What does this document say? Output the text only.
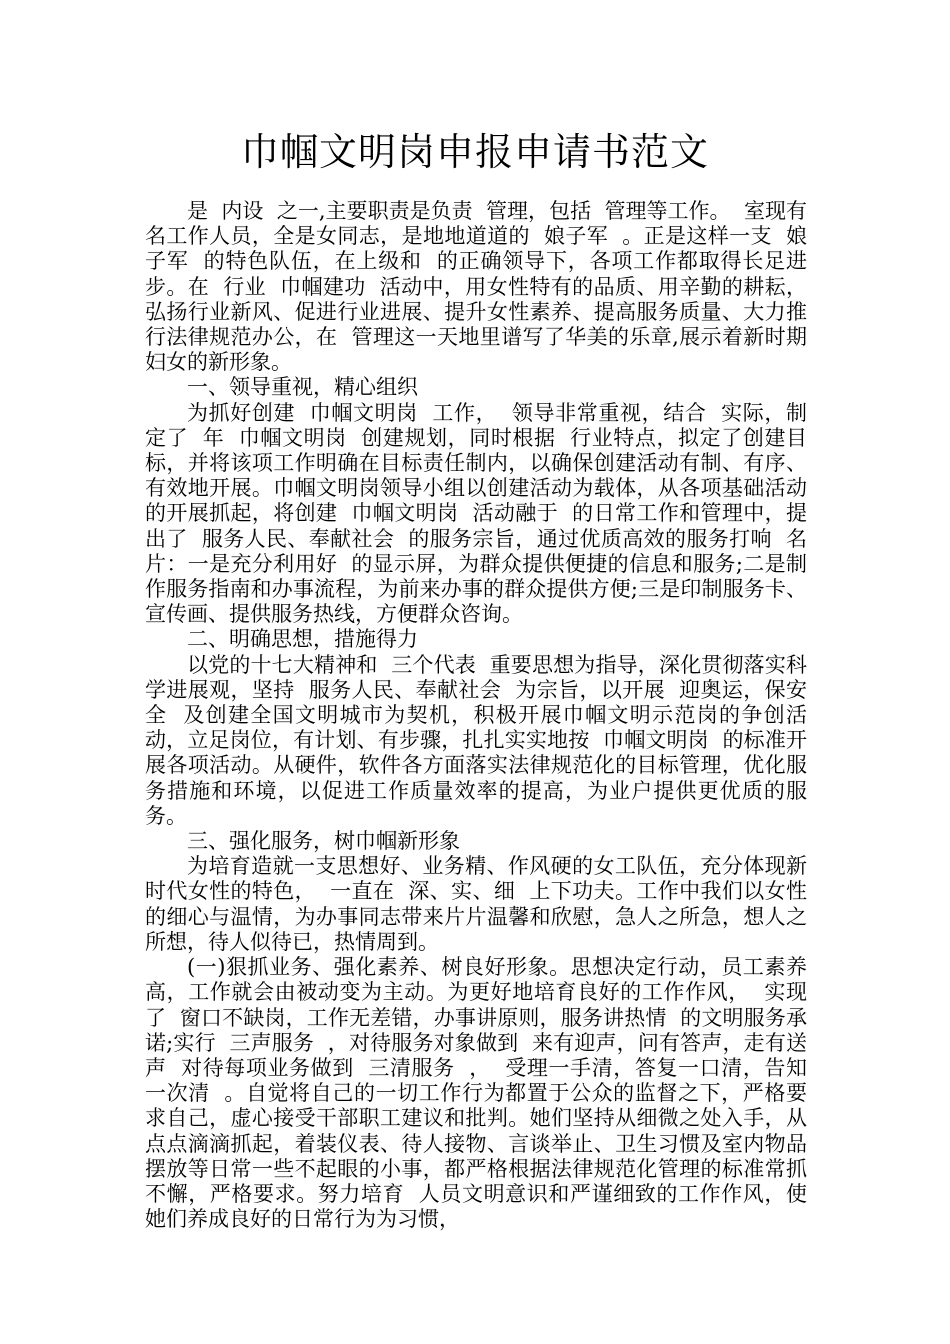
巾帼文明岗申报申请书范文

是  内设  之一,主要职责是负责  管理，包括  管理等工作。  室现有  名工作人员，全是女同志，是地地道道的  娘子军  。正是这样一支  娘子军  的特色队伍，在上级和  的正确领导下，各项工作都取得长足进步。在  行业  巾帼建功  活动中，用女性特有的品质、用辛勤的耕耘，弘扬行业新风、促进行业进展、提升女性素养、提高服务质量、大力推行法律规范办公，在  管理这一天地里谱写了华美的乐章,展示着新时期妇女的新形象。

一、领导重视，精心组织

为抓好创建  巾帼文明岗  工作，  领导非常重视，结合  实际，制定了  年  巾帼文明岗  创建规划，同时根据  行业特点，拟定了创建目标，并将该项工作明确在目标责任制内，以确保创建活动有制、有序、有效地开展。巾帼文明岗领导小组以创建活动为载体，从各项基础活动的开展抓起，将创建  巾帼文明岗  活动融于  的日常工作和管理中，提出了  服务人民、奉献社会  的服务宗旨，通过优质高效的服务打响  名片：一是充分利用好  的显示屏，为群众提供便捷的信息和服务;二是制作服务指南和办事流程，为前来办事的群众提供方便;三是印制服务卡、宣传画、提供服务热线，方便群众咨询。

二、明确思想，措施得力

以党的十七大精神和  三个代表  重要思想为指导，深化贯彻落实科学进展观，坚持  服务人民、奉献社会  为宗旨，以开展  迎奥运，保安全  及创建全国文明城市为契机，积极开展巾帼文明示范岗的争创活动，立足岗位，有计划、有步骤，扎扎实实地按  巾帼文明岗  的标准开展各项活动。从硬件，软件各方面落实法律规范化的目标管理，优化服务措施和环境，以促进工作质量效率的提高，为业户提供更优质的服务。

三、强化服务，树巾帼新形象

为培育造就一支思想好、业务精、作风硬的女工队伍，充分体现新时代女性的特色，  一直在  深、实、细  上下功夫。工作中我们以女性的细心与温情，为办事同志带来片片温馨和欣慰，急人之所急，想人之所想，待人似待已，热情周到。

(一)狠抓业务、强化素养、树良好形象。思想决定行动，员工素养高，工作就会由被动变为主动。为更好地培育良好的工作作风，  实现了  窗口不缺岗，工作无差错，办事讲原则，服务讲热情  的文明服务承诺;实行  三声服务  ，对待服务对象做到  来有迎声，问有答声，走有送声  对待每项业务做到  三清服务  ，  受理一手清，答复一口清，告知一次清  。自觉将自己的一切工作行为都置于公众的监督之下，严格要求自己，虚心接受干部职工建议和批判。她们坚持从细微之处入手，从点点滴滴抓起，着装仪表、待人接物、言谈举止、卫生习惯及室内物品摆放等日常一些不起眼的小事，都严格根据法律规范化管理的标准常抓不懈，严格要求。努力培育  人员文明意识和严谨细致的工作作风，使她们养成良好的日常行为为习惯，
